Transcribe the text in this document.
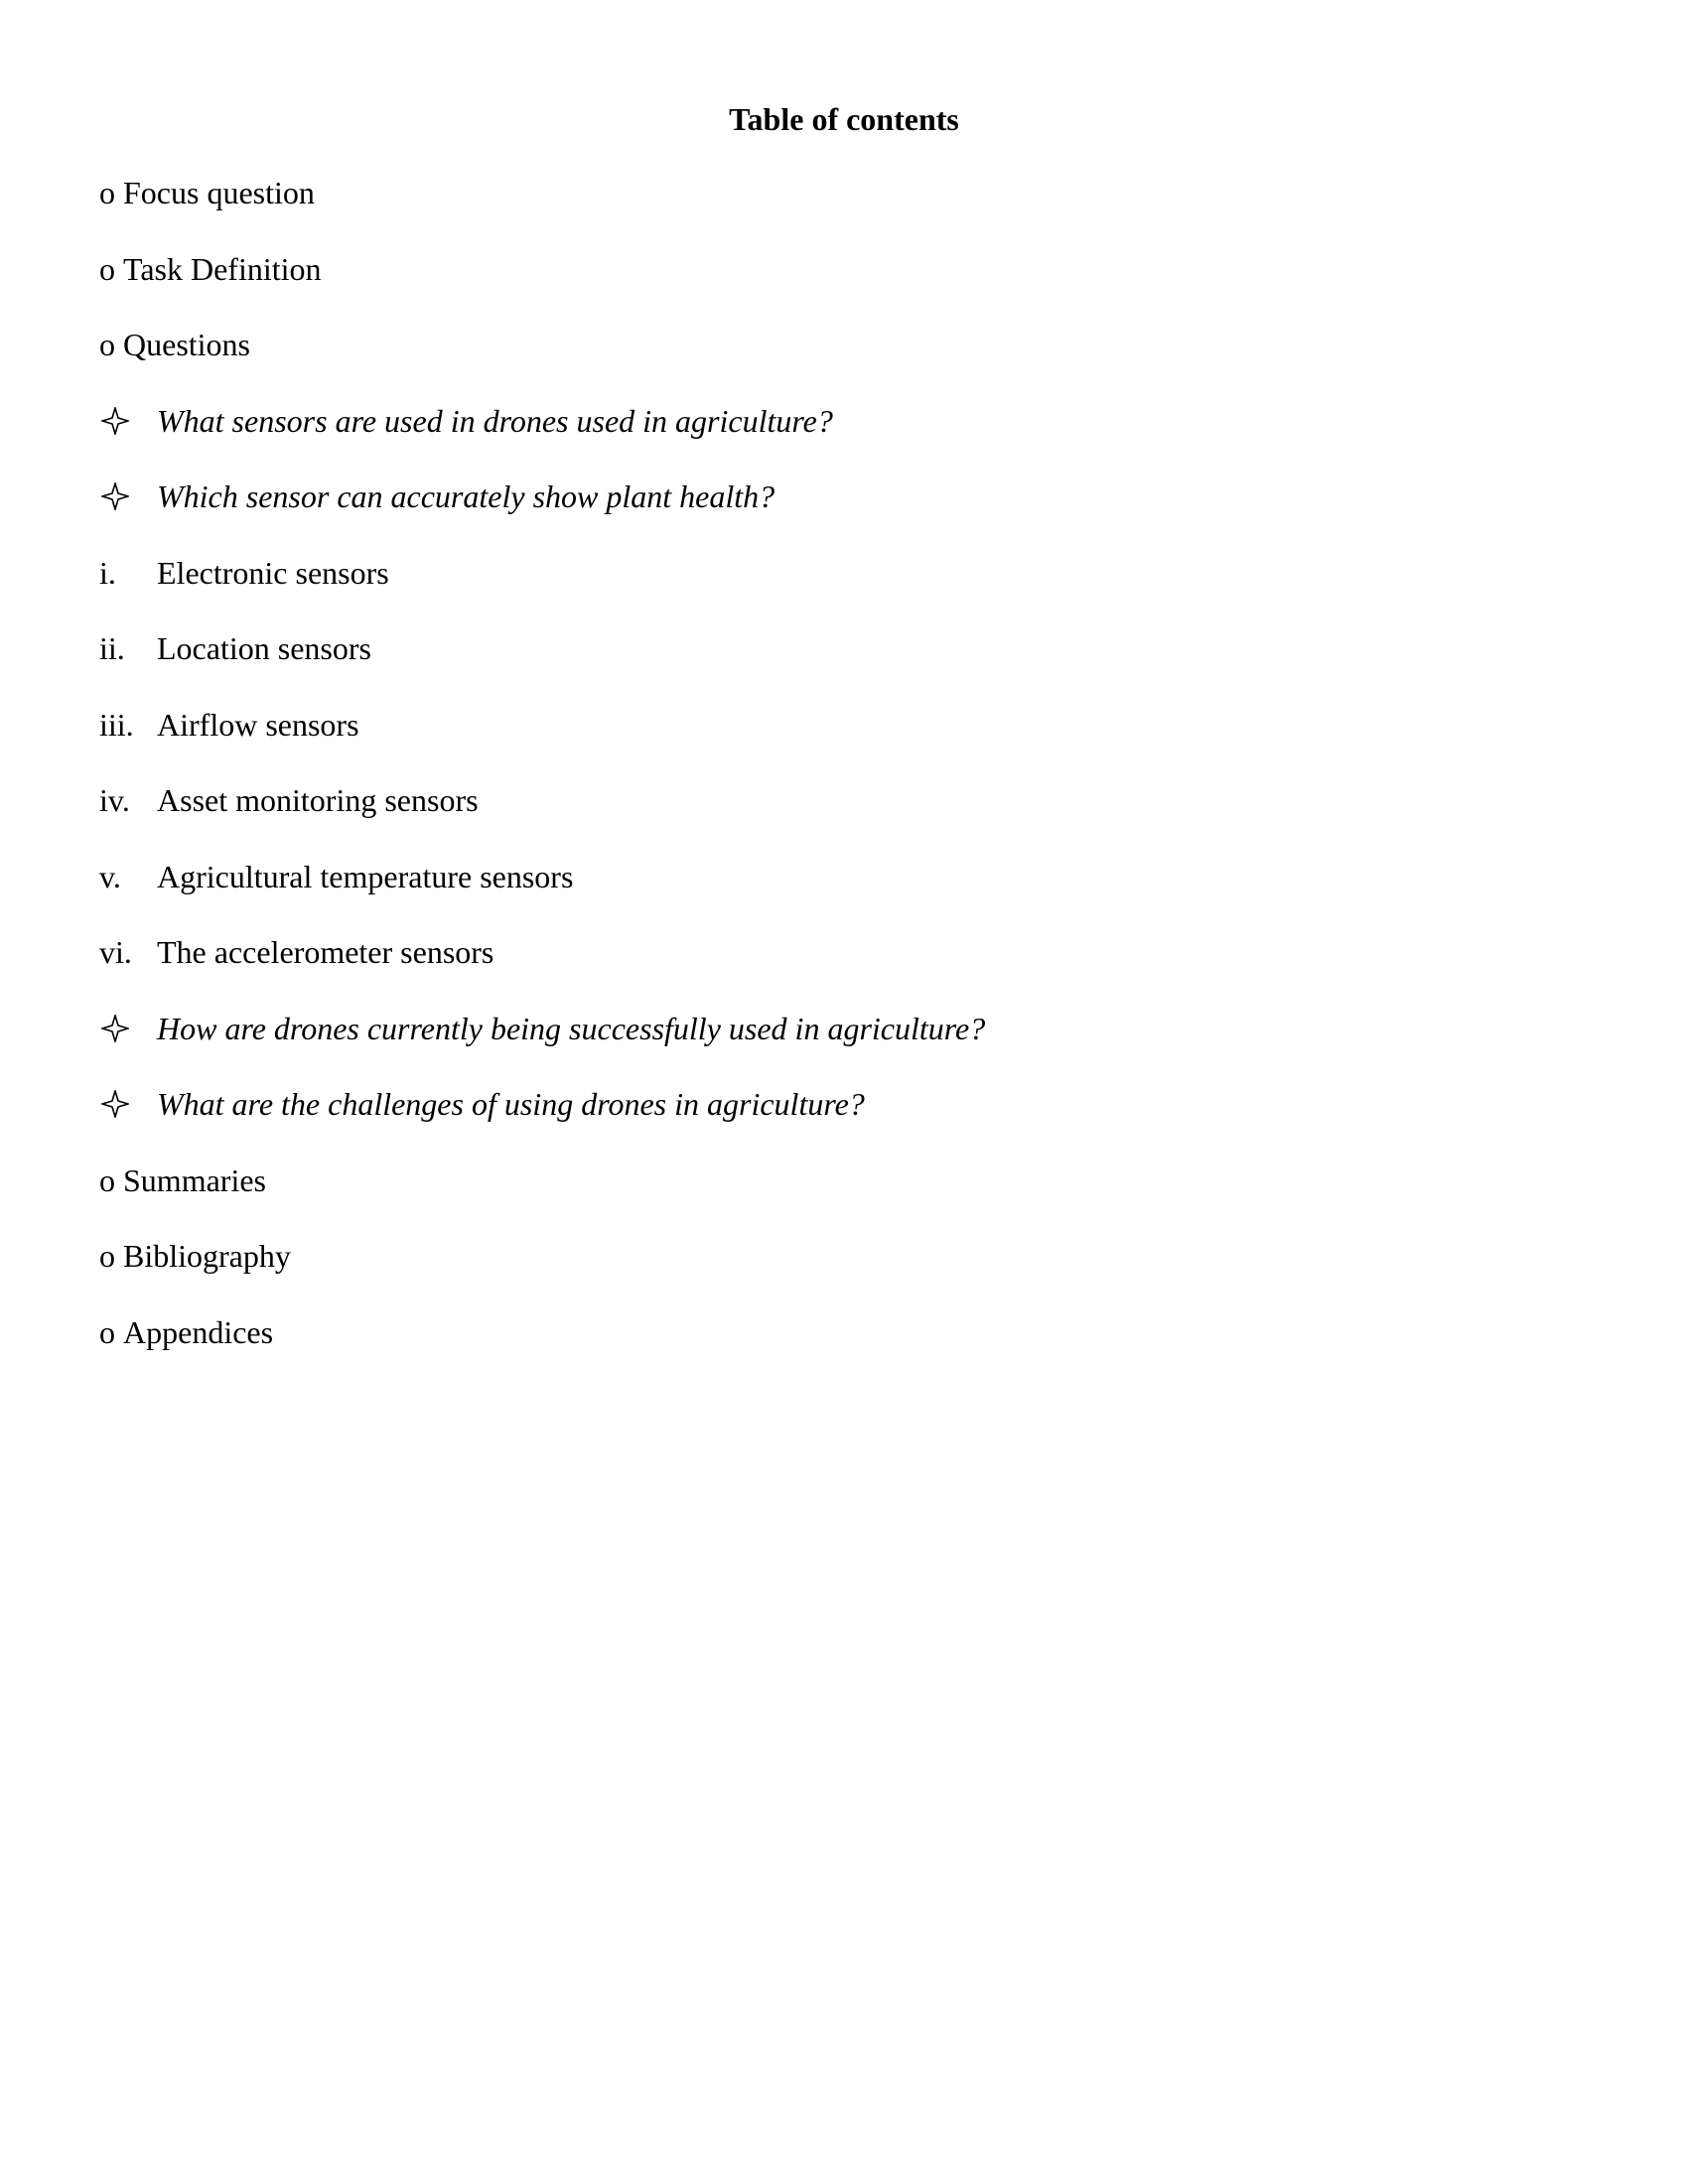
Table of contents
o Focus question
o Task Definition
o Questions
What sensors are used in drones used in agriculture?
Which sensor can accurately show plant health?
i. Electronic sensors
ii. Location sensors
iii. Airflow sensors
iv. Asset monitoring sensors
v. Agricultural temperature sensors
vi. The accelerometer sensors
How are drones currently being successfully used in agriculture?
What are the challenges of using drones in agriculture?
o Summaries
o Bibliography
o Appendices
